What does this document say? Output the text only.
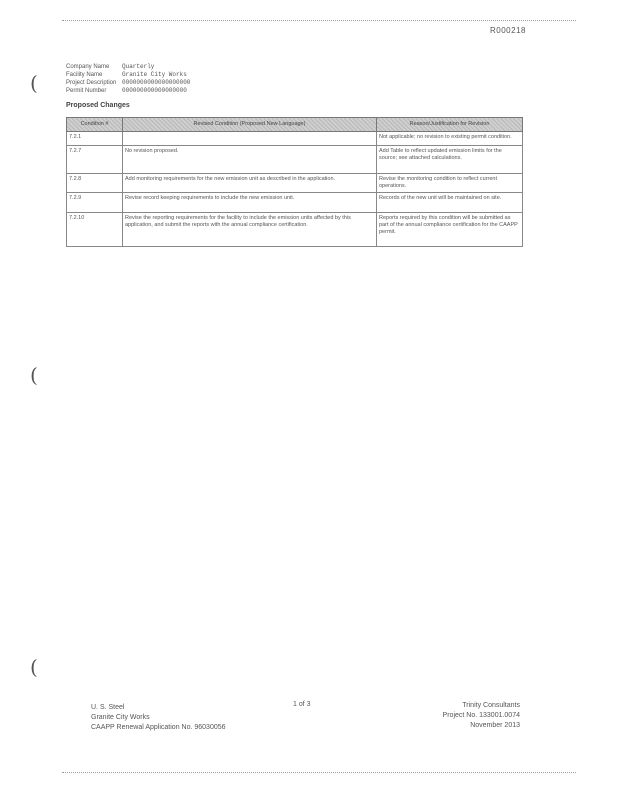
R000218
(
(
(
Company Name	Quarterly
Facility Name	Granite City Works
Project Description 0000000000000000000
Permit Number	000000000000000000
Proposed Changes
Condition #	Revised Condition (Proposed New Language)	Reason/Justification for Revision
7.2.1		Not applicable; no revision to existing permit condition.
7.2.7	No revision proposed.	Add Table to reflect updated emission limits for the source; see attached calculations.
7.2.8	Add monitoring requirements for the new emission unit as described in the application.	Revise the monitoring condition to reflect current operations.
7.2.9	Revise record keeping requirements to include the new emission unit.	Records of the new unit will be maintained on site.
7.2.10	Revise the reporting requirements for the facility to include the emission units affected by this application, and submit the reports with the annual compliance certification.	Reports required by this condition will be submitted as part of the annual compliance certification for the CAAPP permit.
U. S. Steel
Granite City Works
CAAPP Renewal Application No. 96030056
1 of 3	Trinity Consultants
Project No. 133001.0074
November 2013
